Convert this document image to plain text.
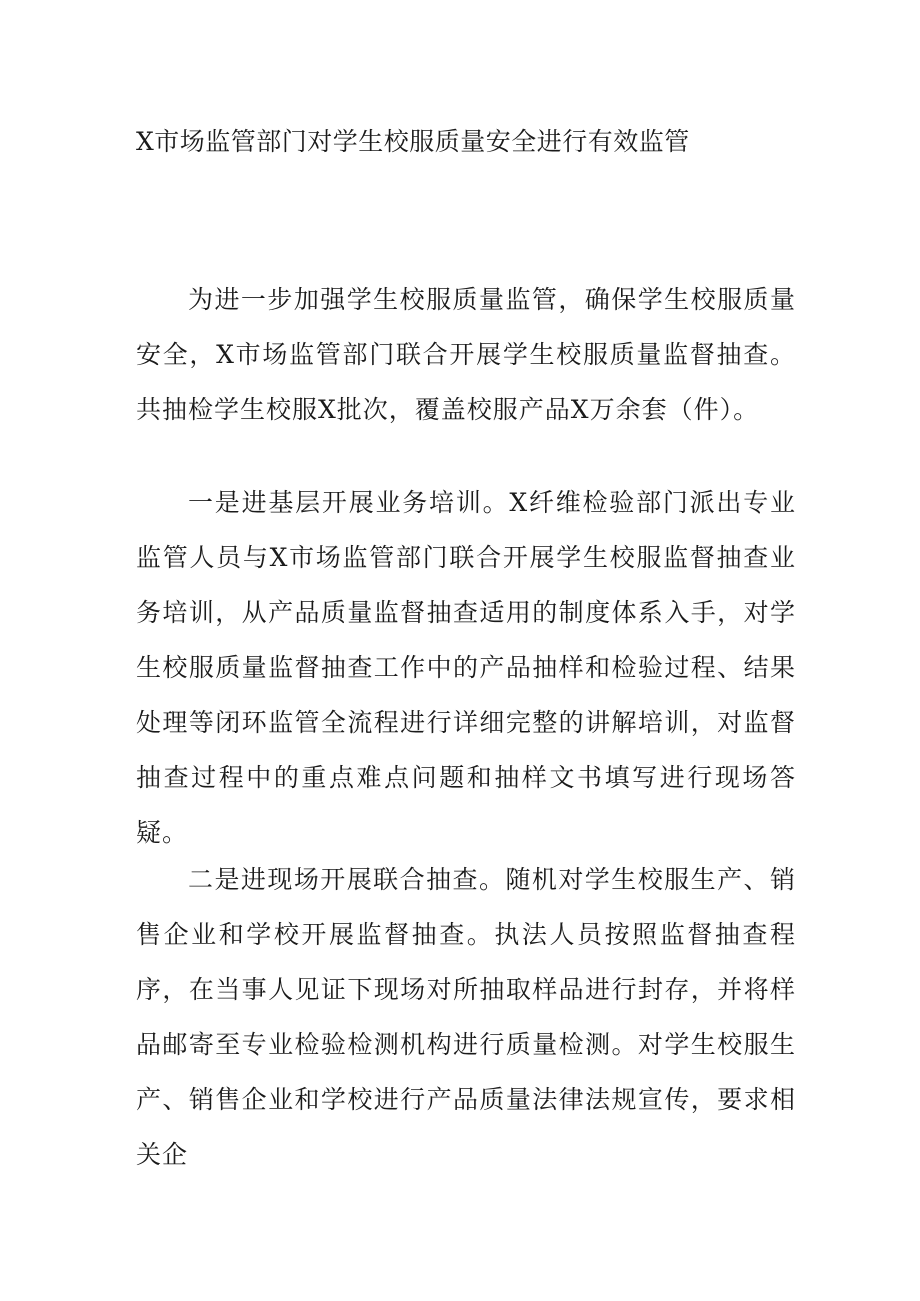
X市场监管部门对学生校服质量安全进行有效监管

为进一步加强学生校服质量监管，确保学生校服质量安全，X市场监管部门联合开展学生校服质量监督抽查。共抽检学生校服X批次，覆盖校服产品X万余套（件）。

一是进基层开展业务培训。X纤维检验部门派出专业监管人员与X市场监管部门联合开展学生校服监督抽查业务培训，从产品质量监督抽查适用的制度体系入手，对学生校服质量监督抽查工作中的产品抽样和检验过程、结果处理等闭环监管全流程进行详细完整的讲解培训，对监督抽查过程中的重点难点问题和抽样文书填写进行现场答疑。

二是进现场开展联合抽查。随机对学生校服生产、销售企业和学校开展监督抽查。执法人员按照监督抽查程序，在当事人见证下现场对所抽取样品进行封存，并将样品邮寄至专业检验检测机构进行质量检测。对学生校服生产、销售企业和学校进行产品质量法律法规宣传，要求相关企
